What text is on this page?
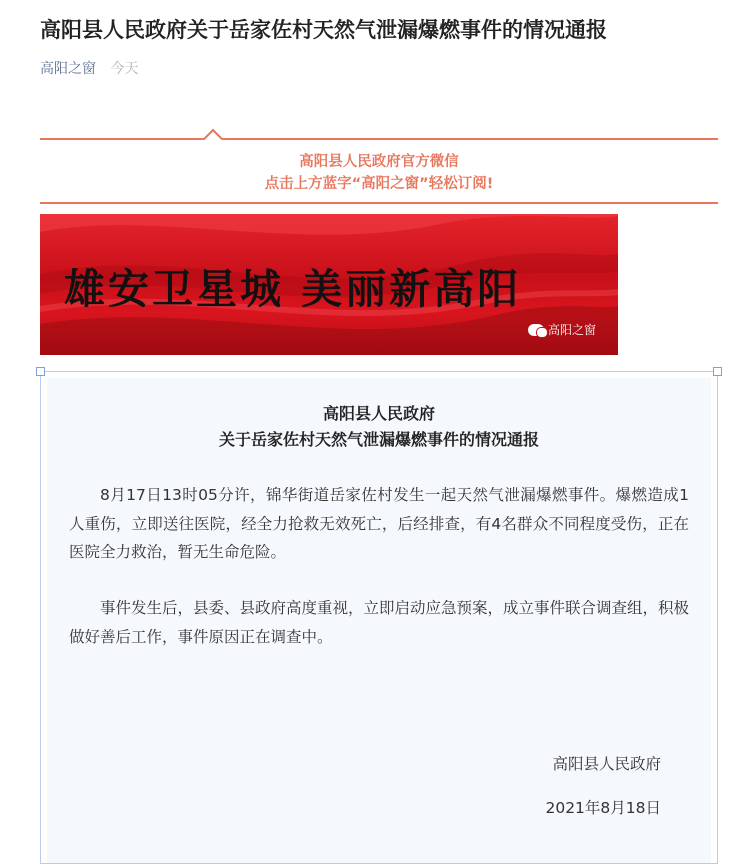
高阳县人民政府关于岳家佐村天然气泄漏爆燃事件的情况通报
高阳之窗 今天
高阳县人民政府官方微信
点击上方蓝字“高阳之窗”轻松订阅!
雄安卫星城 美丽新高阳
高阳之窗
高阳县人民政府
关于岳家佐村天然气泄漏爆燃事件的情况通报

8月17日13时05分许，锦华街道岳家佐村发生一起天然气泄漏爆燃事件。爆燃造成1人重伤，立即送往医院，经全力抢救无效死亡，后经排查，有4名群众不同程度受伤，正在医院全力救治，暂无生命危险。

事件发生后，县委、县政府高度重视，立即启动应急预案，成立事件联合调查组，积极做好善后工作，事件原因正在调查中。

高阳县人民政府
2021年8月18日
